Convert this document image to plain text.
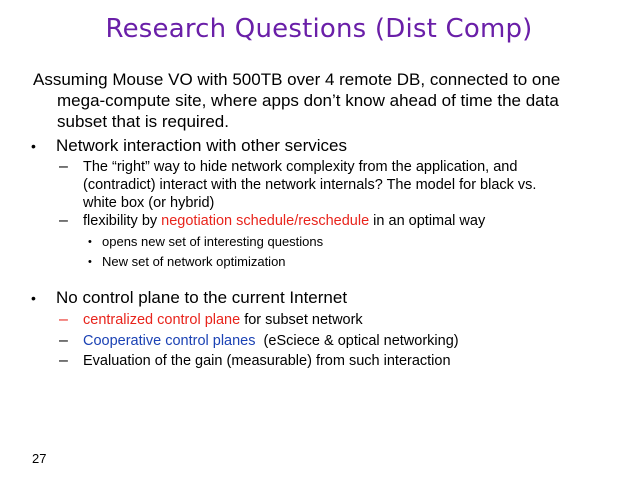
Research Questions (Dist Comp)
Assuming Mouse VO with 500TB over 4 remote DB, connected to one
mega-compute site, where apps don’t know ahead of time the data
subset that is required.
• Network interaction with other services
– The “right” way to hide network complexity from the application, and
(contradict) interact with the network internals? The model for black vs.
white box (or hybrid)
– flexibility by negotiation schedule/reschedule in an optimal way
• opens new set of interesting questions
• New set of network optimization
• No control plane to the current Internet
– centralized control plane for subset network
– Cooperative control planes  (eSciece & optical networking)
– Evaluation of the gain (measurable) from such interaction
27
